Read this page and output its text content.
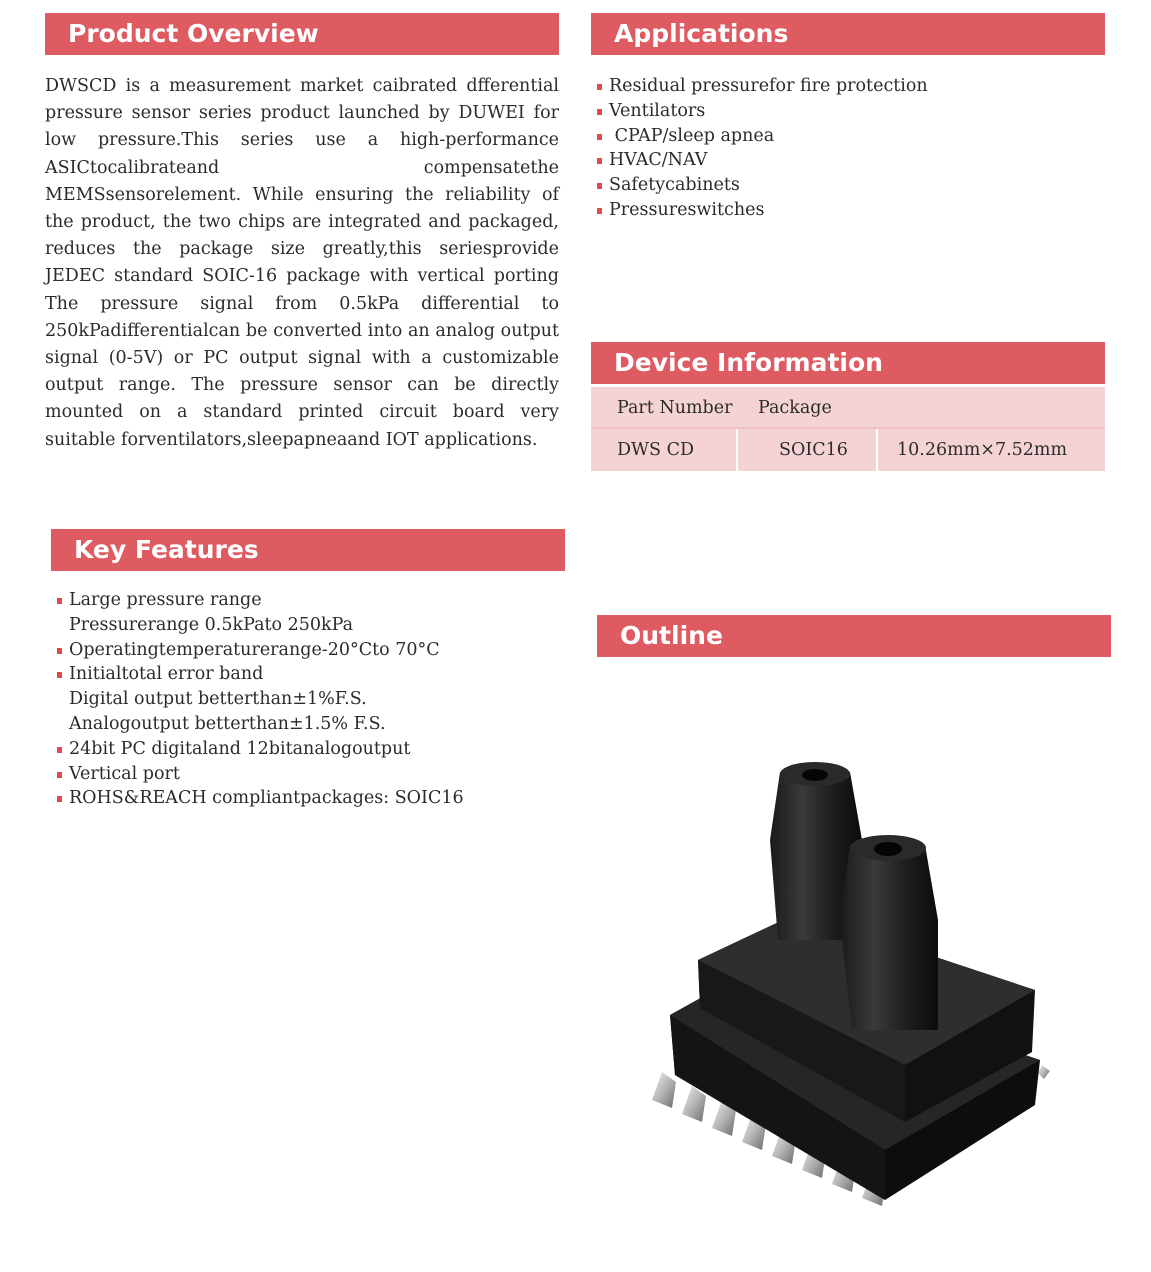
Product Overview

DWSCD is a measurement market caibrated dfferential pressure sensor series product launched by DUWEI for low pressure.This series use a high-performance ASICtocalibrateand compensatethe MEMSsensorelement. While ensuring the reliability of the product, the two chips are integrated and packaged, reduces the package size greatly,this seriesprovide JEDEC standard SOIC-16 package with vertical porting The pressure signal from 0.5kPa differential to 250kPadifferentialcan be converted into an analog output signal (0-5V) or PC output signal with a customizable output range. The pressure sensor can be directly mounted on a standard printed circuit board very suitable forventilators,sleepapneaand IOT applications.

Applications
Residual pressurefor fire protection
Ventilators
CPAP/sleep apnea
HVAC/NAV
Safetycabinets
Pressureswitches
Device Information
Part Number Package
DWS CD	SOIC16	10.26mm×7.52mm
Key Features
Large pressure range
Pressurerange 0.5kPato 250kPa
Operatingtemperaturerange-20°Cto 70°C
Initialtotal error band
Digital output betterthan±1%F.S.
Analogoutput betterthan±1.5% F.S.
24bit PC digitaland 12bitanalogoutput
Vertical port
ROHS&REACH compliantpackages: SOIC16
Outline
